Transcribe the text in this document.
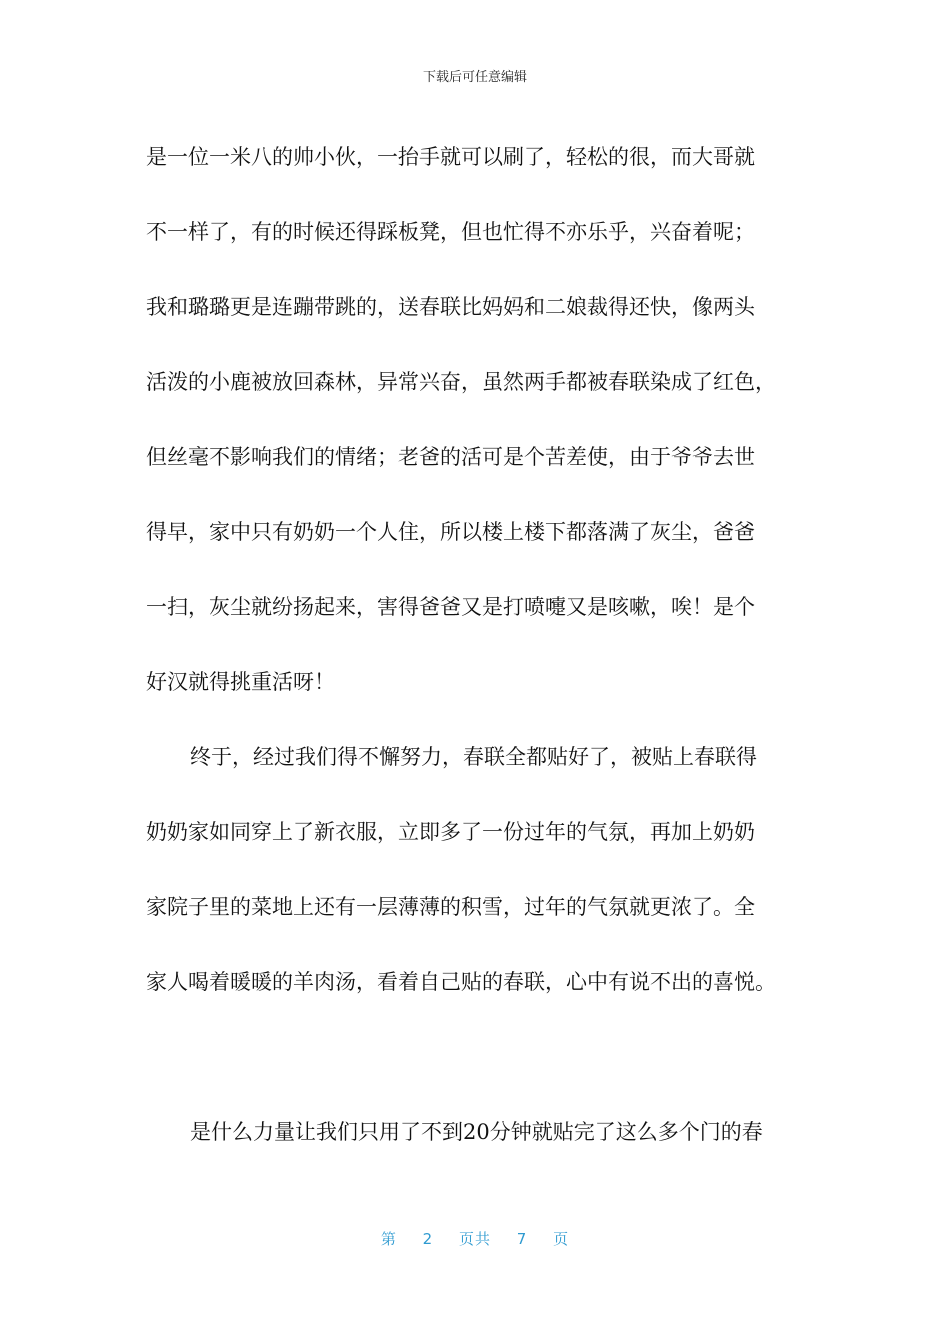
下载后可任意编辑
是一位一米八的帅小伙，一抬手就可以刷了，轻松的很，而大哥就
不一样了，有的时候还得踩板凳，但也忙得不亦乐乎，兴奋着呢；
我和璐璐更是连蹦带跳的，送春联比妈妈和二娘裁得还快，像两头
活泼的小鹿被放回森林，异常兴奋，虽然两手都被春联染成了红色，
但丝毫不影响我们的情绪；老爸的活可是个苦差使，由于爷爷去世
得早，家中只有奶奶一个人住，所以楼上楼下都落满了灰尘，爸爸
一扫，灰尘就纷扬起来，害得爸爸又是打喷嚏又是咳嗽，唉！是个
好汉就得挑重活呀！
终于，经过我们得不懈努力，春联全都贴好了，被贴上春联得
奶奶家如同穿上了新衣服，立即多了一份过年的气氛，再加上奶奶
家院子里的菜地上还有一层薄薄的积雪，过年的气氛就更浓了。全
家人喝着暖暖的羊肉汤，看着自己贴的春联，心中有说不出的喜悦。
是什么力量让我们只用了不到20分钟就贴完了这么多个门的春
第 2 页共 7 页
